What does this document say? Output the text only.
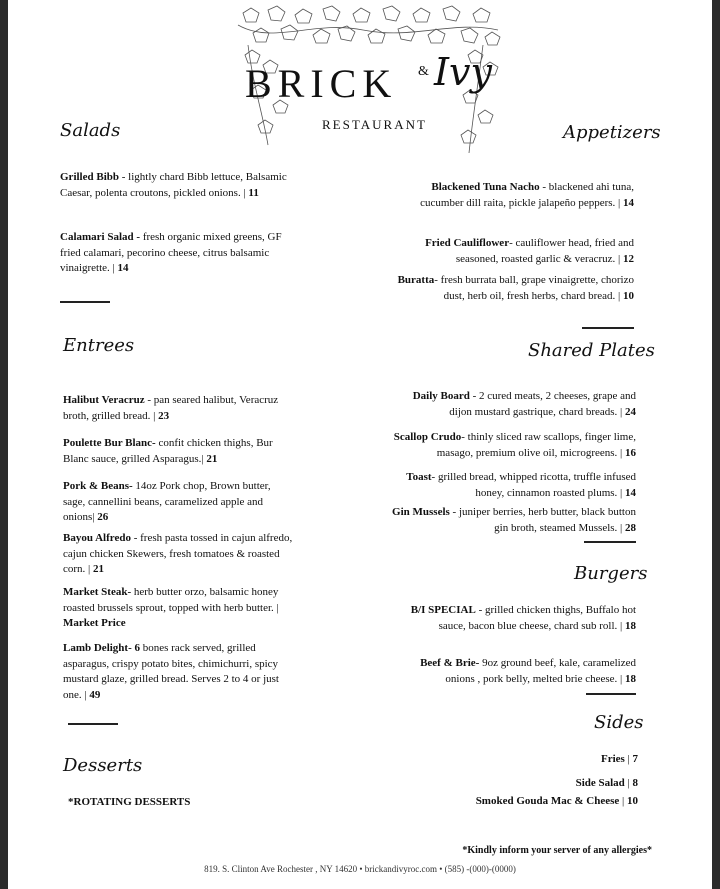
BRICK & Ivy
RESTAURANT
Salads
Grilled Bibb - lightly chard Bibb lettuce, Balsamic Caesar, polenta croutons, pickled onions. | 11
Calamari Salad - fresh organic mixed greens, GF fried calamari, pecorino cheese, citrus balsamic vinaigrette. | 14
Entrees
Halibut Veracruz - pan seared halibut, Veracruz broth, grilled bread. | 23
Poulette Bur Blanc- confit chicken thighs, Bur Blanc sauce, grilled Asparagus.| 21
Pork & Beans- 14oz Pork chop, Brown butter, sage, cannellini beans, caramelized apple and onions| 26
Bayou Alfredo - fresh pasta tossed in cajun alfredo, cajun chicken Skewers, fresh tomatoes & roasted corn. | 21
Market Steak- herb butter orzo, balsamic honey roasted brussels sprout, topped with herb butter. | Market Price
Lamb Delight- 6 bones rack served, grilled asparagus, crispy potato bites, chimichurri, spicy mustard glaze, grilled bread. Serves 2 to 4 or just one. | 49
Desserts
*ROTATING DESSERTS
Appetizers
Blackened Tuna Nacho - blackened ahi tuna, cucumber dill raita, pickle jalapeño peppers. | 14
Fried Cauliflower- cauliflower head, fried and seasoned, roasted garlic & veracruz. | 12
Buratta- fresh burrata ball, grape vinaigrette, chorizo dust, herb oil, fresh herbs, chard bread. | 10
Shared Plates
Daily Board - 2 cured meats, 2 cheeses, grape and dijon mustard gastrique, chard breads. | 24
Scallop Crudo- thinly sliced raw scallops, finger lime, masago, premium olive oil, microgreens. | 16
Toast- grilled bread, whipped ricotta, truffle infused honey, cinnamon roasted plums. | 14
Gin Mussels - juniper berries, herb butter, black button gin broth, steamed Mussels. | 28
Burgers
B/I SPECIAL - grilled chicken thighs, Buffalo hot sauce, bacon blue cheese, chard sub roll. | 18
Beef & Brie- 9oz ground beef, kale, caramelized onions , pork belly, melted brie cheese. | 18
Sides
Fries | 7
Side Salad | 8
Smoked Gouda Mac & Cheese | 10
*Kindly inform your server of any allergies*
819. S. Clinton Ave Rochester , NY 14620 • brickandivyroc.com • (585) -(000)-(0000)
